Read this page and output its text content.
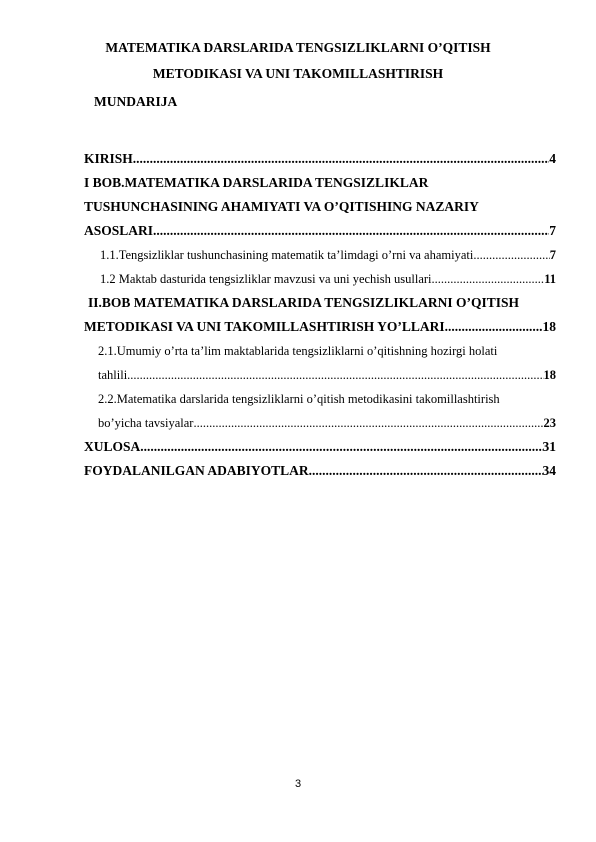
MATEMATIKA DARSLARIDA TENGSIZLIKLARNI O’QITISH
METODIKASI VA UNI TAKOMILLASHTIRISH
MUNDARIJA
KIRISH .....	4
I BOB.MATEMATIKA DARSLARIDA TENGSIZLIKLAR
TUSHUNCHASINING AHAMIYATI VA O’QITISHING NAZARIY
ASOSLARI .....	7
1.1.Tengsizliklar tushunchasining matematik ta’limdagi o’rni va ahamiyati .....	7
1.2 Maktab dasturida tengsizliklar mavzusi va uni yechish usullari .....	11
II.BOB MATEMATIKA DARSLARIDA TENGSIZLIKLARNI O’QITISH
METODIKASI VA UNI TAKOMILLASHTIRISH YO’LLARI .....	18
2.1.Umumiy o’rta ta’lim maktablarida tengsizliklarni o’qitishning hozirgi holati
tahlili .....	18
2.2.Matematika darslarida tengsizliklarni o’qitish metodikasini takomillashtirish
bo’yicha tavsiyalar .....	23
XULOSA .....	31
FOYDALANILGAN ADABIYOTLAR .....	34
3
